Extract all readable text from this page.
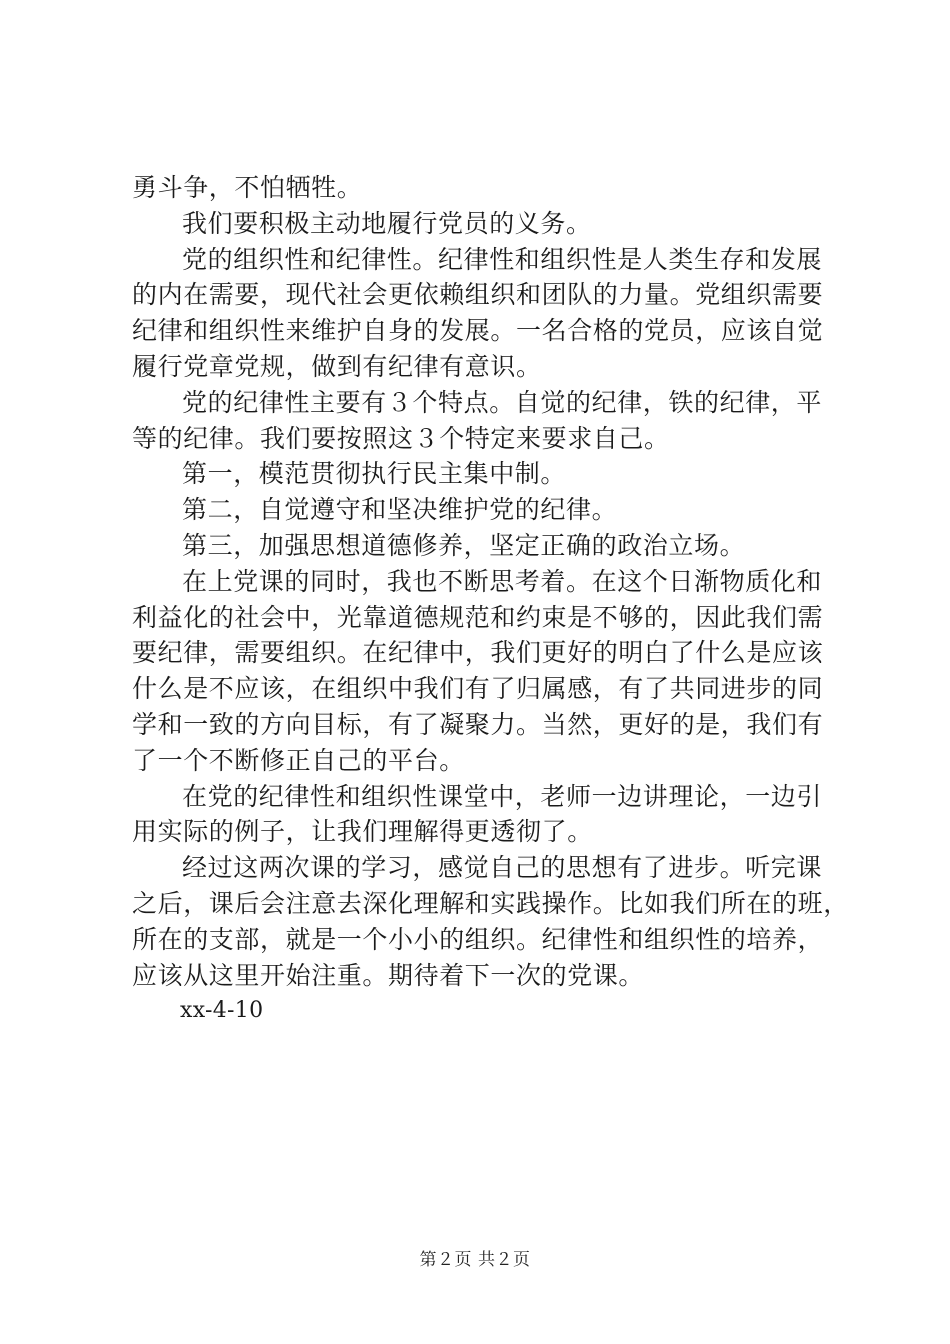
勇斗争，不怕牺牲。
我们要积极主动地履行党员的义务。
党的组织性和纪律性。纪律性和组织性是人类生存和发展
的内在需要，现代社会更依赖组织和团队的力量。党组织需要
纪律和组织性来维护自身的发展。一名合格的党员，应该自觉
履行党章党规，做到有纪律有意识。
党的纪律性主要有３个特点。自觉的纪律，铁的纪律，平
等的纪律。我们要按照这３个特定来要求自己。
第一，模范贯彻执行民主集中制。
第二，自觉遵守和坚决维护党的纪律。
第三，加强思想道德修养，坚定正确的政治立场。
在上党课的同时，我也不断思考着。在这个日渐物质化和
利益化的社会中，光靠道德规范和约束是不够的，因此我们需
要纪律，需要组织。在纪律中，我们更好的明白了什么是应该
什么是不应该，在组织中我们有了归属感，有了共同进步的同
学和一致的方向目标，有了凝聚力。当然，更好的是，我们有
了一个不断修正自己的平台。
在党的纪律性和组织性课堂中，老师一边讲理论，一边引
用实际的例子，让我们理解得更透彻了。
经过这两次课的学习，感觉自己的思想有了进步。听完课
之后，课后会注意去深化理解和实践操作。比如我们所在的班，
所在的支部，就是一个小小的组织。纪律性和组织性的培养，
应该从这里开始注重。期待着下一次的党课。
xx-4-10
第２页 共２页
